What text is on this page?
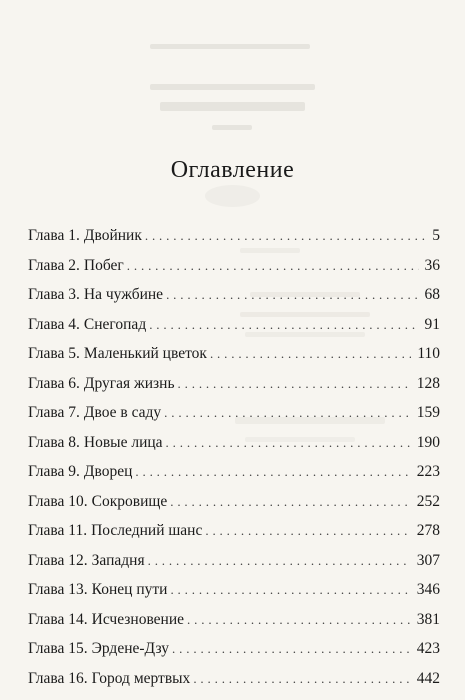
Оглавление
Глава 1. Двойник . . .	5
Глава 2. Побег . . .	36
Глава 3. На чужбине . . .	68
Глава 4. Снегопад . . .	91
Глава 5. Маленький цветок . . .	110
Глава 6. Другая жизнь . . .	128
Глава 7. Двое в саду . . .	159
Глава 8. Новые лица . . .	190
Глава 9. Дворец . . .	223
Глава 10. Сокровище . . .	252
Глава 11. Последний шанс . . .	278
Глава 12. Западня . . .	307
Глава 13. Конец пути . . .	346
Глава 14. Исчезновение . . .	381
Глава 15. Эрдене-Дзу . . .	423
Глава 16. Город мертвых . . .	442
